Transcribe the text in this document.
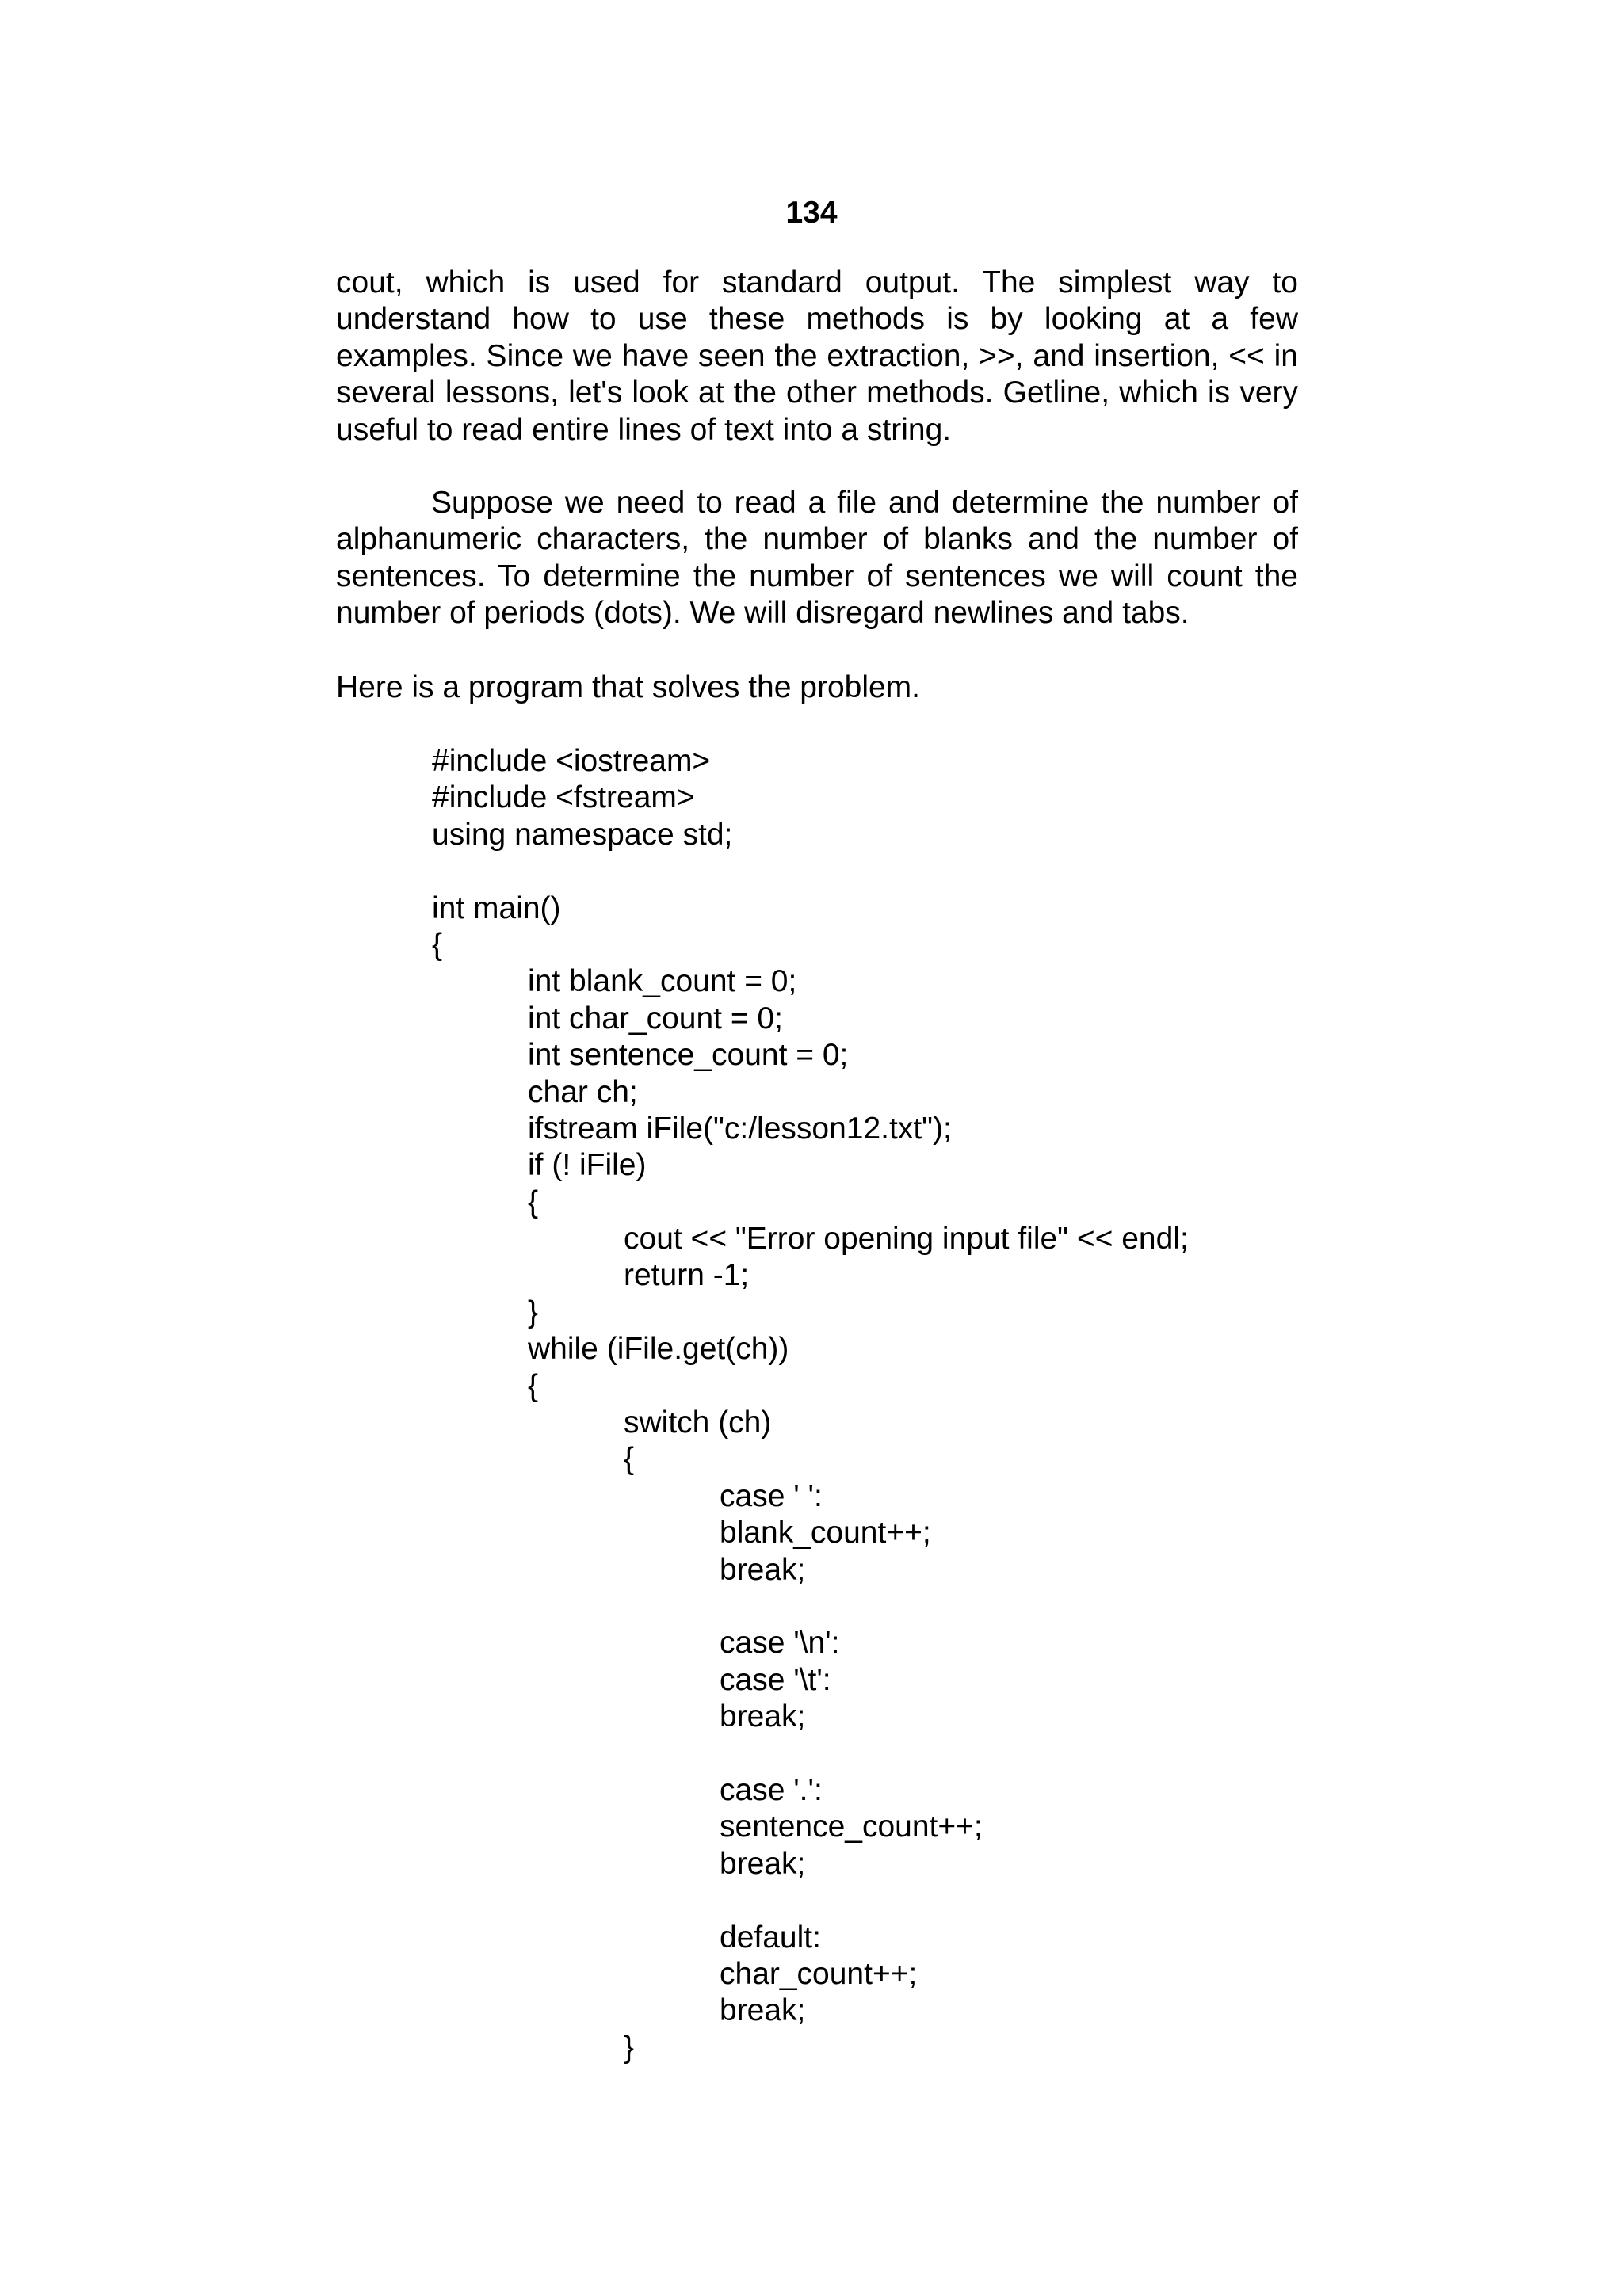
134

cout, which is used for standard output. The simplest way to understand how to use these methods is by looking at a few examples. Since we have seen the extraction, >>, and insertion, << in several lessons, let's look at the other methods. Getline, which is very useful to read entire lines of text into a string.

Suppose we need to read a file and determine the number of alphanumeric characters, the number of blanks and the number of sentences. To determine the number of sentences we will count the number of periods (dots). We will disregard newlines and tabs.

Here is a program that solves the problem.

#include <iostream>
#include <fstream>
using namespace std;
int main()
{
int blank_count = 0;
int char_count = 0;
int sentence_count = 0;
char ch;
ifstream iFile("c:/lesson12.txt");
if (! iFile)
{
cout << "Error opening input file" << endl;
return -1;
}
while (iFile.get(ch))
{
switch (ch)
{
case ' ':
blank_count++;
break;
case '\n':
case '\t':
break;
case '.':
sentence_count++;
break;
default:
char_count++;
break;
}
